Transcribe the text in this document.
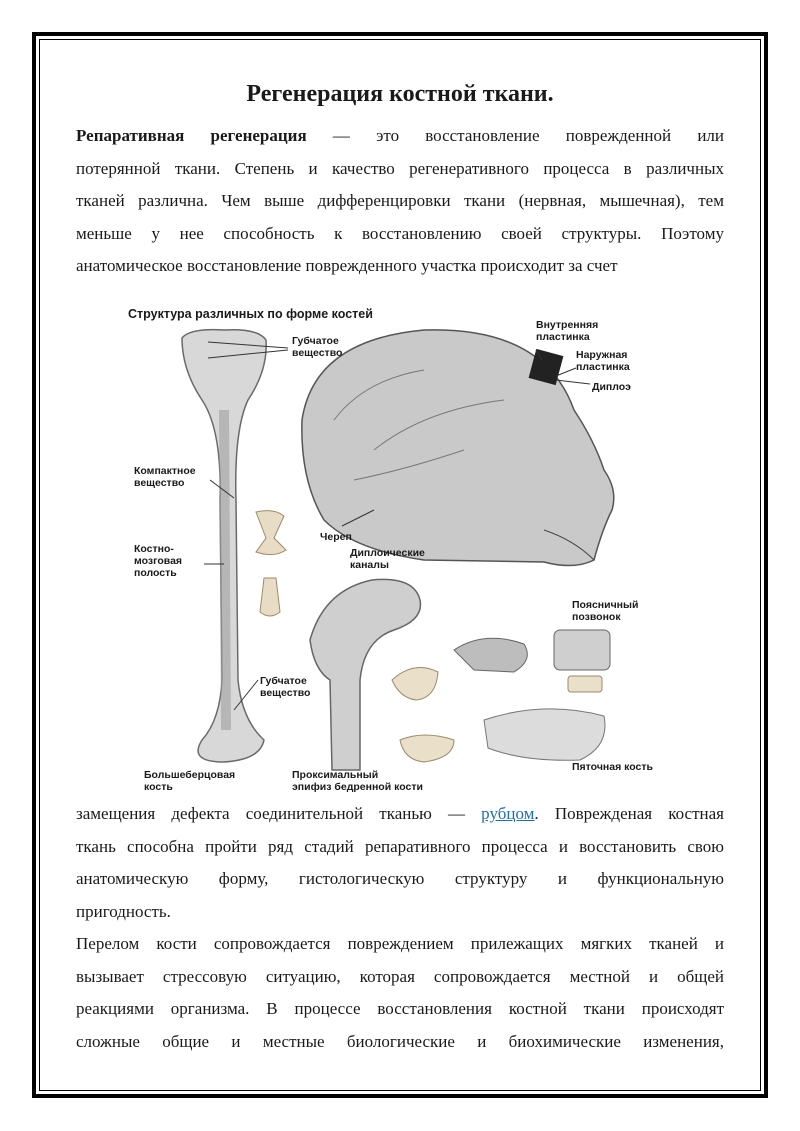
Регенерация костной ткани.

Репаративная регенерация — это восстановление поврежденной или

потерянной ткани. Степень и качество регенеративного процесса в различных

тканей различна. Чем выше дифференцировки ткани (нервная, мышечная), тем

меньше у нее способность к восстановлению своей структуры. Поэтому

анатомическое восстановление поврежденного участка происходит за счет

Структура различных по форме костей
Губчатое
вещество
Компактное
вещество
Костно-
мозговая
полость
Губчатое
вещество
Большеберцовая
кость
Проксимальный
эпифиз бедренной кости
Внутренняя
пластинка
Наружная
пластинка
Диплоэ
Череп
Диплоические
каналы
Поясничный
позвонок
Пяточная кость

замещения дефекта соединительной тканью — рубцом. Поврежденая костная

ткань способна пройти ряд стадий репаративного процесса и восстановить свою

анатомическую форму, гистологическую структуру и функциональную

пригодность.

Перелом кости сопровождается повреждением прилежащих мягких тканей и

вызывает стрессовую ситуацию, которая сопровождается местной и общей

реакциями организма. В процессе восстановления костной ткани происходят

сложные общие и местные биологические и биохимические изменения,
